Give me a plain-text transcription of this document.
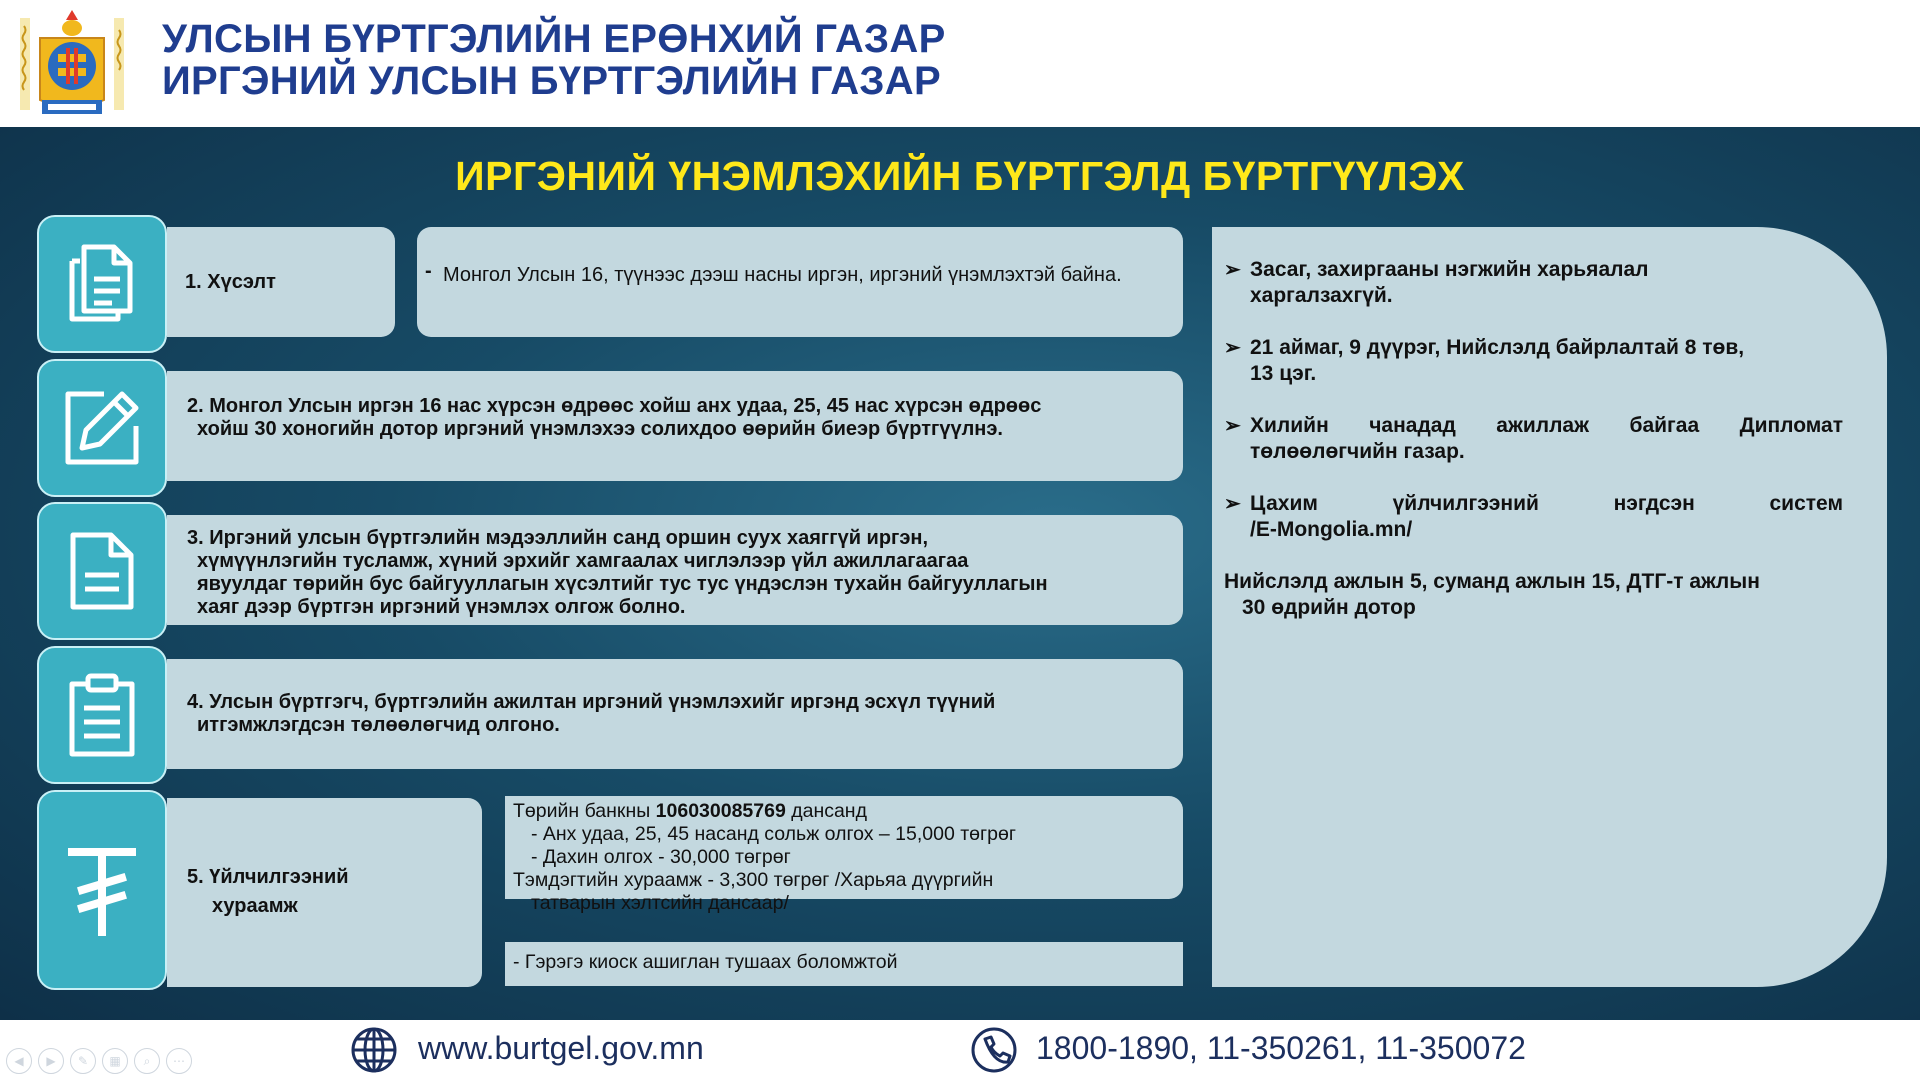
УЛСЫН БҮРТГЭЛИЙН ЕРӨНХИЙ ГАЗАР
ИРГЭНИЙ УЛСЫН БҮРТГЭЛИЙН ГАЗАР
ИРГЭНИЙ ҮНЭМЛЭХИЙН БҮРТГЭЛД БҮРТГҮҮЛЭХ
1. Хүсэлт	- Монгол Улсын 16, түүнээс дээш насны иргэн, иргэний үнэмлэхтэй байна.
2. Монгол Улсын иргэн 16 нас хүрсэн өдрөөс хойш анх удаа, 25, 45 нас хүрсэн өдрөөс
хойш 30 хоногийн дотор иргэний үнэмлэхээ солихдоо өөрийн биеэр бүртгүүлнэ.
3. Иргэний улсын бүртгэлийн мэдээллийн санд оршин суух хаяггүй иргэн,
хүмүүнлэгийн тусламж, хүний эрхийг хамгаалах чиглэлээр үйл ажиллагаагаа
явуулдаг төрийн бус байгууллагын хүсэлтийг тус тус үндэслэн тухайн байгууллагын
хаяг дээр бүртгэн иргэний үнэмлэх олгож болно.
4. Улсын бүртгэгч, бүртгэлийн ажилтан иргэний үнэмлэхийг иргэнд эсхүл түүний
итгэмжлэгдсэн төлөөлөгчид олгоно.
5. Үйлчилгээний
хураамж
Төрийн банкны 106030085769 дансанд
- Анх удаа, 25, 45 насанд сольж олгох – 15,000 төгрөг
- Дахин олгох - 30,000 төгрөг
Тэмдэгтийн хураамж - 3,300 төгрөг /Харьяа дүүргийн
татварын хэлтсийн дансаар/
- Гэрэгэ киоск ашиглан тушаах боломжтой
➢ Засаг, захиргааны нэгжийн харьяалал
харгалзахгүй.
➢ 21 аймаг, 9 дүүрэг, Нийслэлд байрлалтай 8 төв,
13 цэг.
➢ Хилийн чанадад ажиллаж байгаа Дипломат
төлөөлөгчийн газар.
➢ Цахим үйлчилгээний нэгдсэн систем
/E-Mongolia.mn/
Нийслэлд ажлын 5, суманд ажлын 15, ДТГ-т ажлын
30 өдрийн дотор
◀	▶	✎	▦	⌕	⋯	www.burtgel.gov.mn	1800-1890, 11-350261, 11-350072
